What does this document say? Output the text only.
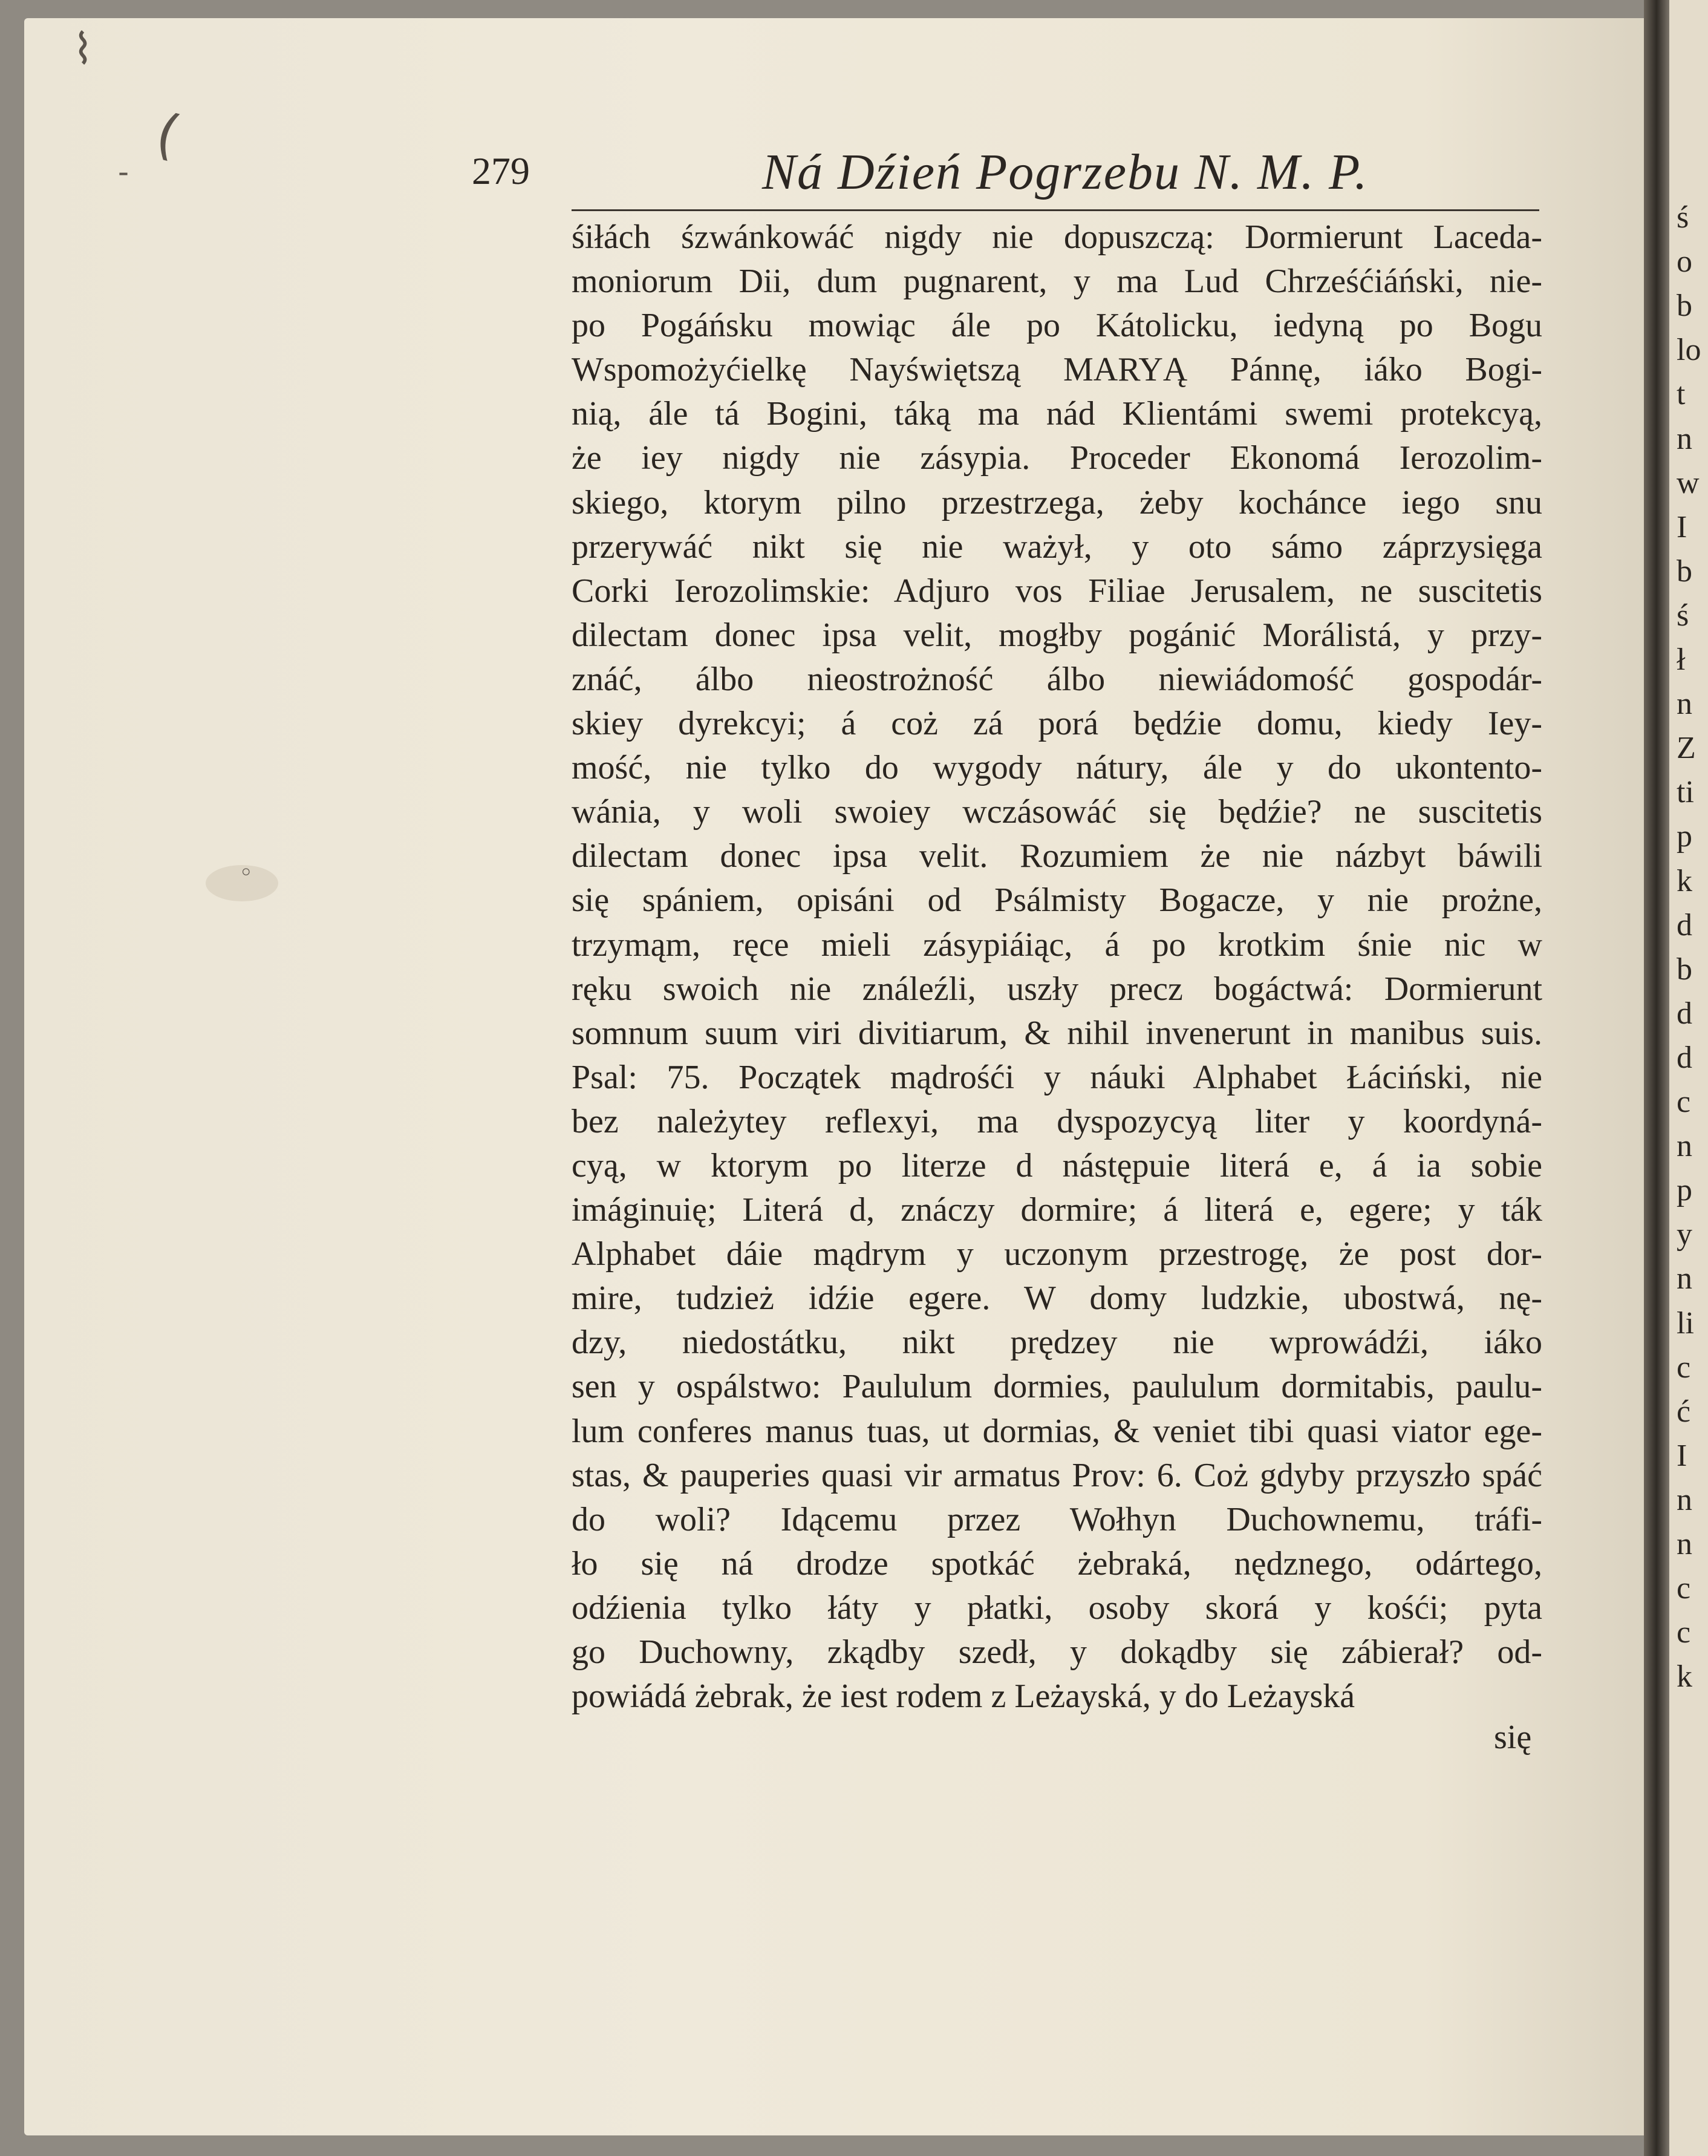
⌇
(
-
◦
279	Ná Dźień Pogrzebu N. M. P.
śiłách śzwánkowáć nigdy nie dopuszczą: Dormierunt Laceda-
moniorum Dii, dum pugnarent, y ma Lud Chrześćiáński, nie-
po Pogáńsku mowiąc ále po Kátolicku, iedyną po Bogu
Wspomożyćielkę Nayświętszą MARYĄ Pánnę, iáko Bogi-
nią, ále tá Bogini, táką ma nád Klientámi swemi protekcyą,
że iey nigdy nie zásypia. Proceder Ekonomá Ierozolim-
skiego, ktorym pilno przestrzega, żeby kochánce iego snu
przerywáć nikt się nie ważył, y oto sámo záprzysięga
Corki Ierozolimskie: Adjuro vos Filiae Jerusalem, ne suscitetis
dilectam donec ipsa velit, mogłby pogánić Morálistá, y przy-
znáć, álbo nieostrożność álbo niewiádomość gospodár-
skiey dyrekcyi; á coż zá porá będźie domu, kiedy Iey-
mość, nie tylko do wygody nátury, ále y do ukontento-
wánia, y woli swoiey wczásowáć się będźie? ne suscitetis
dilectam donec ipsa velit. Rozumiem że nie názbyt báwili
się spániem, opisáni od Psálmisty Bogacze, y nie prożne,
trzymąm, ręce mieli zásypiáiąc, á po krotkim śnie nic w
ręku swoich nie ználeźli, uszły precz bogáctwá: Dormierunt
somnum suum viri divitiarum, & nihil invenerunt in manibus suis.
Psal: 75. Początek mądrośći y náuki Alphabet Łáciński, nie
bez należytey reflexyi, ma dyspozycyą liter y koordyná-
cyą, w ktorym po literze d nástępuie literá e, á ia sobie
imáginuię; Literá d, znáczy dormire; á literá e, egere; y ták
Alphabet dáie mądrym y uczonym przestrogę, że post dor-
mire, tudzież idźie egere. W domy ludzkie, ubostwá, nę-
dzy, niedostátku, nikt prędzey nie wprowádźi, iáko
sen y ospálstwo: Paululum dormies, paululum dormitabis, paulu-
lum conferes manus tuas, ut dormias, & veniet tibi quasi viator ege-
stas, & pauperies quasi vir armatus Prov: 6. Coż gdyby przyszło spáć
do woli? Idącemu przez Wołhyn Duchownemu, tráfi-
ło się ná drodze spotkáć żebraká, nędznego, odártego,
odźienia tylko łáty y płatki, osoby skorá y kośći; pyta
go Duchowny, zkądby szedł, y dokądby się zábierał? od-
powiádá żebrak, że iest rodem z Leżayská, y do Leżayská
się
ś
o
b
lo
t
n
w
I
b
ś
ł
n
Z
ti
p
k
d
b
d
d
c
n
p
y
n
li
c
ć
I
n
n
c
c
k
